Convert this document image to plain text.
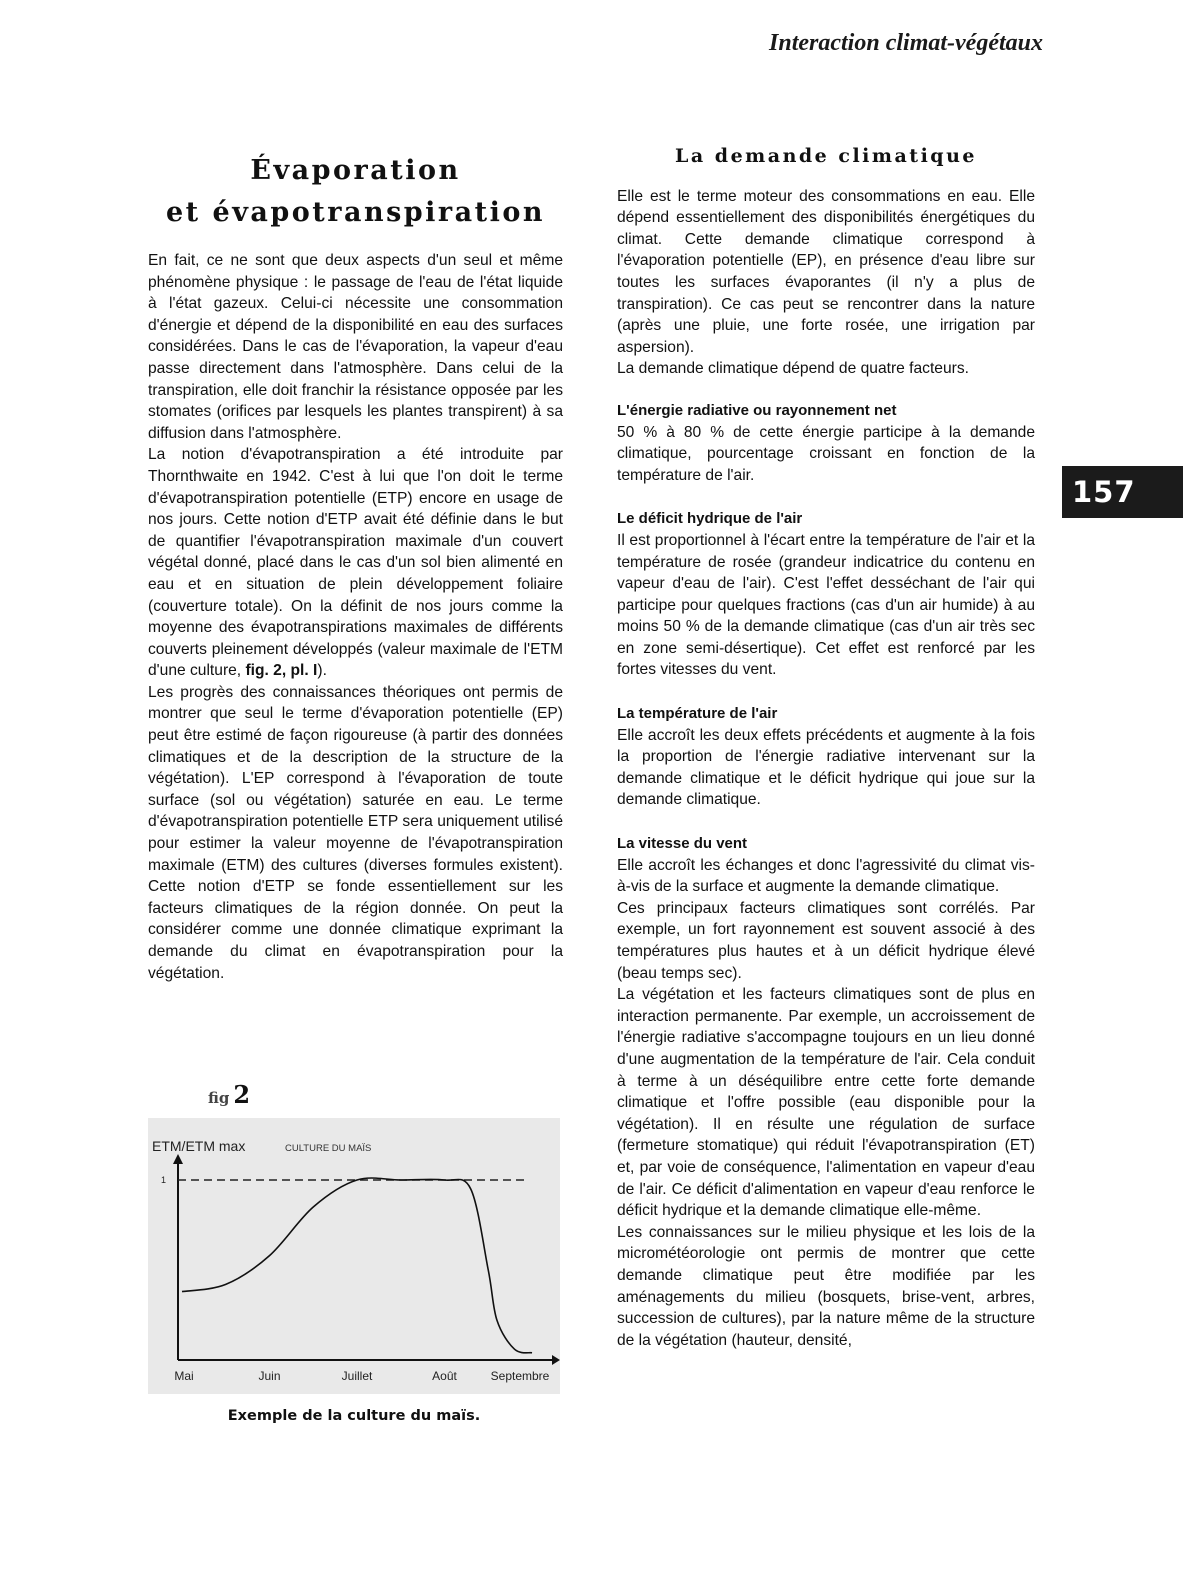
Interaction climat-végétaux
Évaporation
et évapotranspiration

En fait, ce ne sont que deux aspects d'un seul et même phénomène physique : le passage de l'eau de l'état liquide à l'état gazeux. Celui-ci nécessite une consommation d'énergie et dépend de la disponibilité en eau des surfaces considérées. Dans le cas de l'évaporation, la vapeur d'eau passe directement dans l'atmosphère. Dans celui de la transpiration, elle doit franchir la résistance opposée par les stomates (orifices par lesquels les plantes transpirent) à sa diffusion dans l'atmosphère.

La notion d'évapotranspiration a été introduite par Thornthwaite en 1942. C'est à lui que l'on doit le terme d'évapotranspiration potentielle (ETP) encore en usage de nos jours. Cette notion d'ETP avait été définie dans le but de quantifier l'évapotranspiration maximale d'un couvert végétal donné, placé dans le cas d'un sol bien alimenté en eau et en situation de plein développement foliaire (couverture totale). On la définit de nos jours comme la moyenne des évapotranspirations maximales de différents couverts pleinement développés (valeur maximale de l'ETM d'une culture, fig. 2, pl. I).

Les progrès des connaissances théoriques ont permis de montrer que seul le terme d'évaporation potentielle (EP) peut être estimé de façon rigoureuse (à partir des données climatiques et de la description de la structure de la végétation). L'EP correspond à l'évaporation de toute surface (sol ou végétation) saturée en eau. Le terme d'évapotranspiration potentielle ETP sera uniquement utilisé pour estimer la valeur moyenne de l'évapotranspiration maximale (ETM) des cultures (diverses formules existent). Cette notion d'ETP se fonde essentiellement sur les facteurs climatiques de la région donnée. On peut la considérer comme une donnée climatique exprimant la demande du climat en évapotranspiration pour la végétation.

La demande climatique

Elle est le terme moteur des consommations en eau. Elle dépend essentiellement des disponibilités énergétiques du climat. Cette demande climatique correspond à l'évaporation potentielle (EP), en présence d'eau libre sur toutes les surfaces évaporantes (il n'y a plus de transpiration). Ce cas peut se rencontrer dans la nature (après une pluie, une forte rosée, une irrigation par aspersion).

La demande climatique dépend de quatre facteurs.

L'énergie radiative ou rayonnement net

50 % à 80 % de cette énergie participe à la demande climatique, pourcentage croissant en fonction de la température de l'air.

Le déficit hydrique de l'air

Il est proportionnel à l'écart entre la température de l'air et la température de rosée (grandeur indicatrice du contenu en vapeur d'eau de l'air). C'est l'effet desséchant de l'air qui participe pour quelques fractions (cas d'un air humide) à au moins 50 % de la demande climatique (cas d'un air très sec en zone semi-désertique). Cet effet est renforcé par les fortes vitesses du vent.

La température de l'air

Elle accroît les deux effets précédents et augmente à la fois la proportion de l'énergie radiative intervenant sur la demande climatique et le déficit hydrique qui joue sur la demande climatique.

La vitesse du vent

Elle accroît les échanges et donc l'agressivité du climat vis-à-vis de la surface et augmente la demande climatique.

Ces principaux facteurs climatiques sont corrélés. Par exemple, un fort rayonnement est souvent associé à des températures plus hautes et à un déficit hydrique élevé (beau temps sec).

La végétation et les facteurs climatiques sont de plus en interaction permanente. Par exemple, un accroissement de l'énergie radiative s'accompagne toujours en un lieu donné d'une augmentation de la température de l'air. Cela conduit à terme à un déséquilibre entre cette forte demande climatique et l'offre possible (eau disponible pour la végétation). Il en résulte une régulation de surface (fermeture stomatique) qui réduit l'évapotranspiration (ET) et, par voie de conséquence, l'alimentation en vapeur d'eau de l'air. Ce déficit d'alimentation en vapeur d'eau renforce le déficit hydrique et la demande climatique elle-même.

Les connaissances sur le milieu physique et les lois de la micrométéorologie ont permis de montrer que cette demande climatique peut être modifiée par les aménagements du milieu (bosquets, brise-vent, arbres, succession de cultures), par la nature même de la structure de la végétation (hauteur, densité,

157
fig 2
ETM/ETM max	CULTURE DU MAÏS
1
Mai	Juin	Juillet	Août	Septembre
Exemple de la culture du maïs.
